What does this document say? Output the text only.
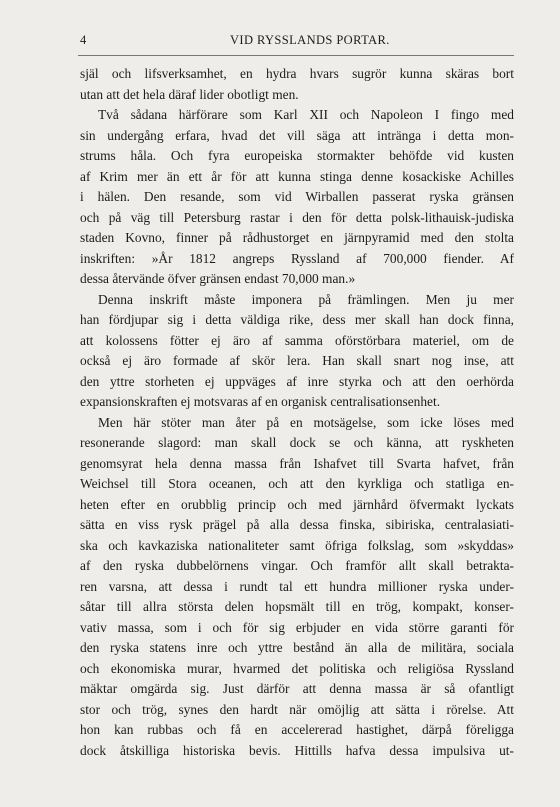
4	VID RYSSLANDS PORTAR.
själ och lifsverksamhet, en hydra hvars sugrör kunna skäras bort
utan att det hela däraf lider obotligt men.
Två sådana härförare som Karl XII och Napoleon I fingo med
sin undergång erfara, hvad det vill säga att intränga i detta mon-
strums håla. Och fyra europeiska stormakter behöfde vid kusten
af Krim mer än ett år för att kunna stinga denne kosackiske Achilles
i hälen. Den resande, som vid Wirballen passerat ryska gränsen
och på väg till Petersburg rastar i den för detta polsk-lithauisk-judiska
staden Kovno, finner på rådhustorget en järnpyramid med den stolta
inskriften: »År 1812 angreps Ryssland af 700,000 fiender. Af
dessa återvände öfver gränsen endast 70,000 man.»
Denna inskrift måste imponera på främlingen. Men ju mer
han fördjupar sig i detta väldiga rike, dess mer skall han dock finna,
att kolossens fötter ej äro af samma oförstörbara materiel, om de
också ej äro formade af skör lera. Han skall snart nog inse, att
den yttre storheten ej uppväges af inre styrka och att den oerhörda
expansionskraften ej motsvaras af en organisk centralisationsenhet.
Men här stöter man åter på en motsägelse, som icke löses med
resonerande slagord: man skall dock se och känna, att ryskheten
genomsyrat hela denna massa från Ishafvet till Svarta hafvet, från
Weichsel till Stora oceanen, och att den kyrkliga och statliga en-
heten efter en orubblig princip och med järnhård öfvermakt lyckats
sätta en viss rysk prägel på alla dessa finska, sibiriska, centralasiati-
ska och kavkaziska nationaliteter samt öfriga folkslag, som »skyddas»
af den ryska dubbelörnens vingar. Och framför allt skall betrakta-
ren varsna, att dessa i rundt tal ett hundra millioner ryska under-
såtar till allra största delen hopsmält till en trög, kompakt, konser-
vativ massa, som i och för sig erbjuder en vida större garanti för
den ryska statens inre och yttre bestånd än alla de militära, sociala
och ekonomiska murar, hvarmed det politiska och religiösa Ryssland
mäktar omgärda sig. Just därför att denna massa är så ofantligt
stor och trög, synes den hardt när omöjlig att sätta i rörelse. Att
hon kan rubbas och få en accelererad hastighet, därpå föreligga
dock åtskilliga historiska bevis. Hittills hafva dessa impulsiva ut-
